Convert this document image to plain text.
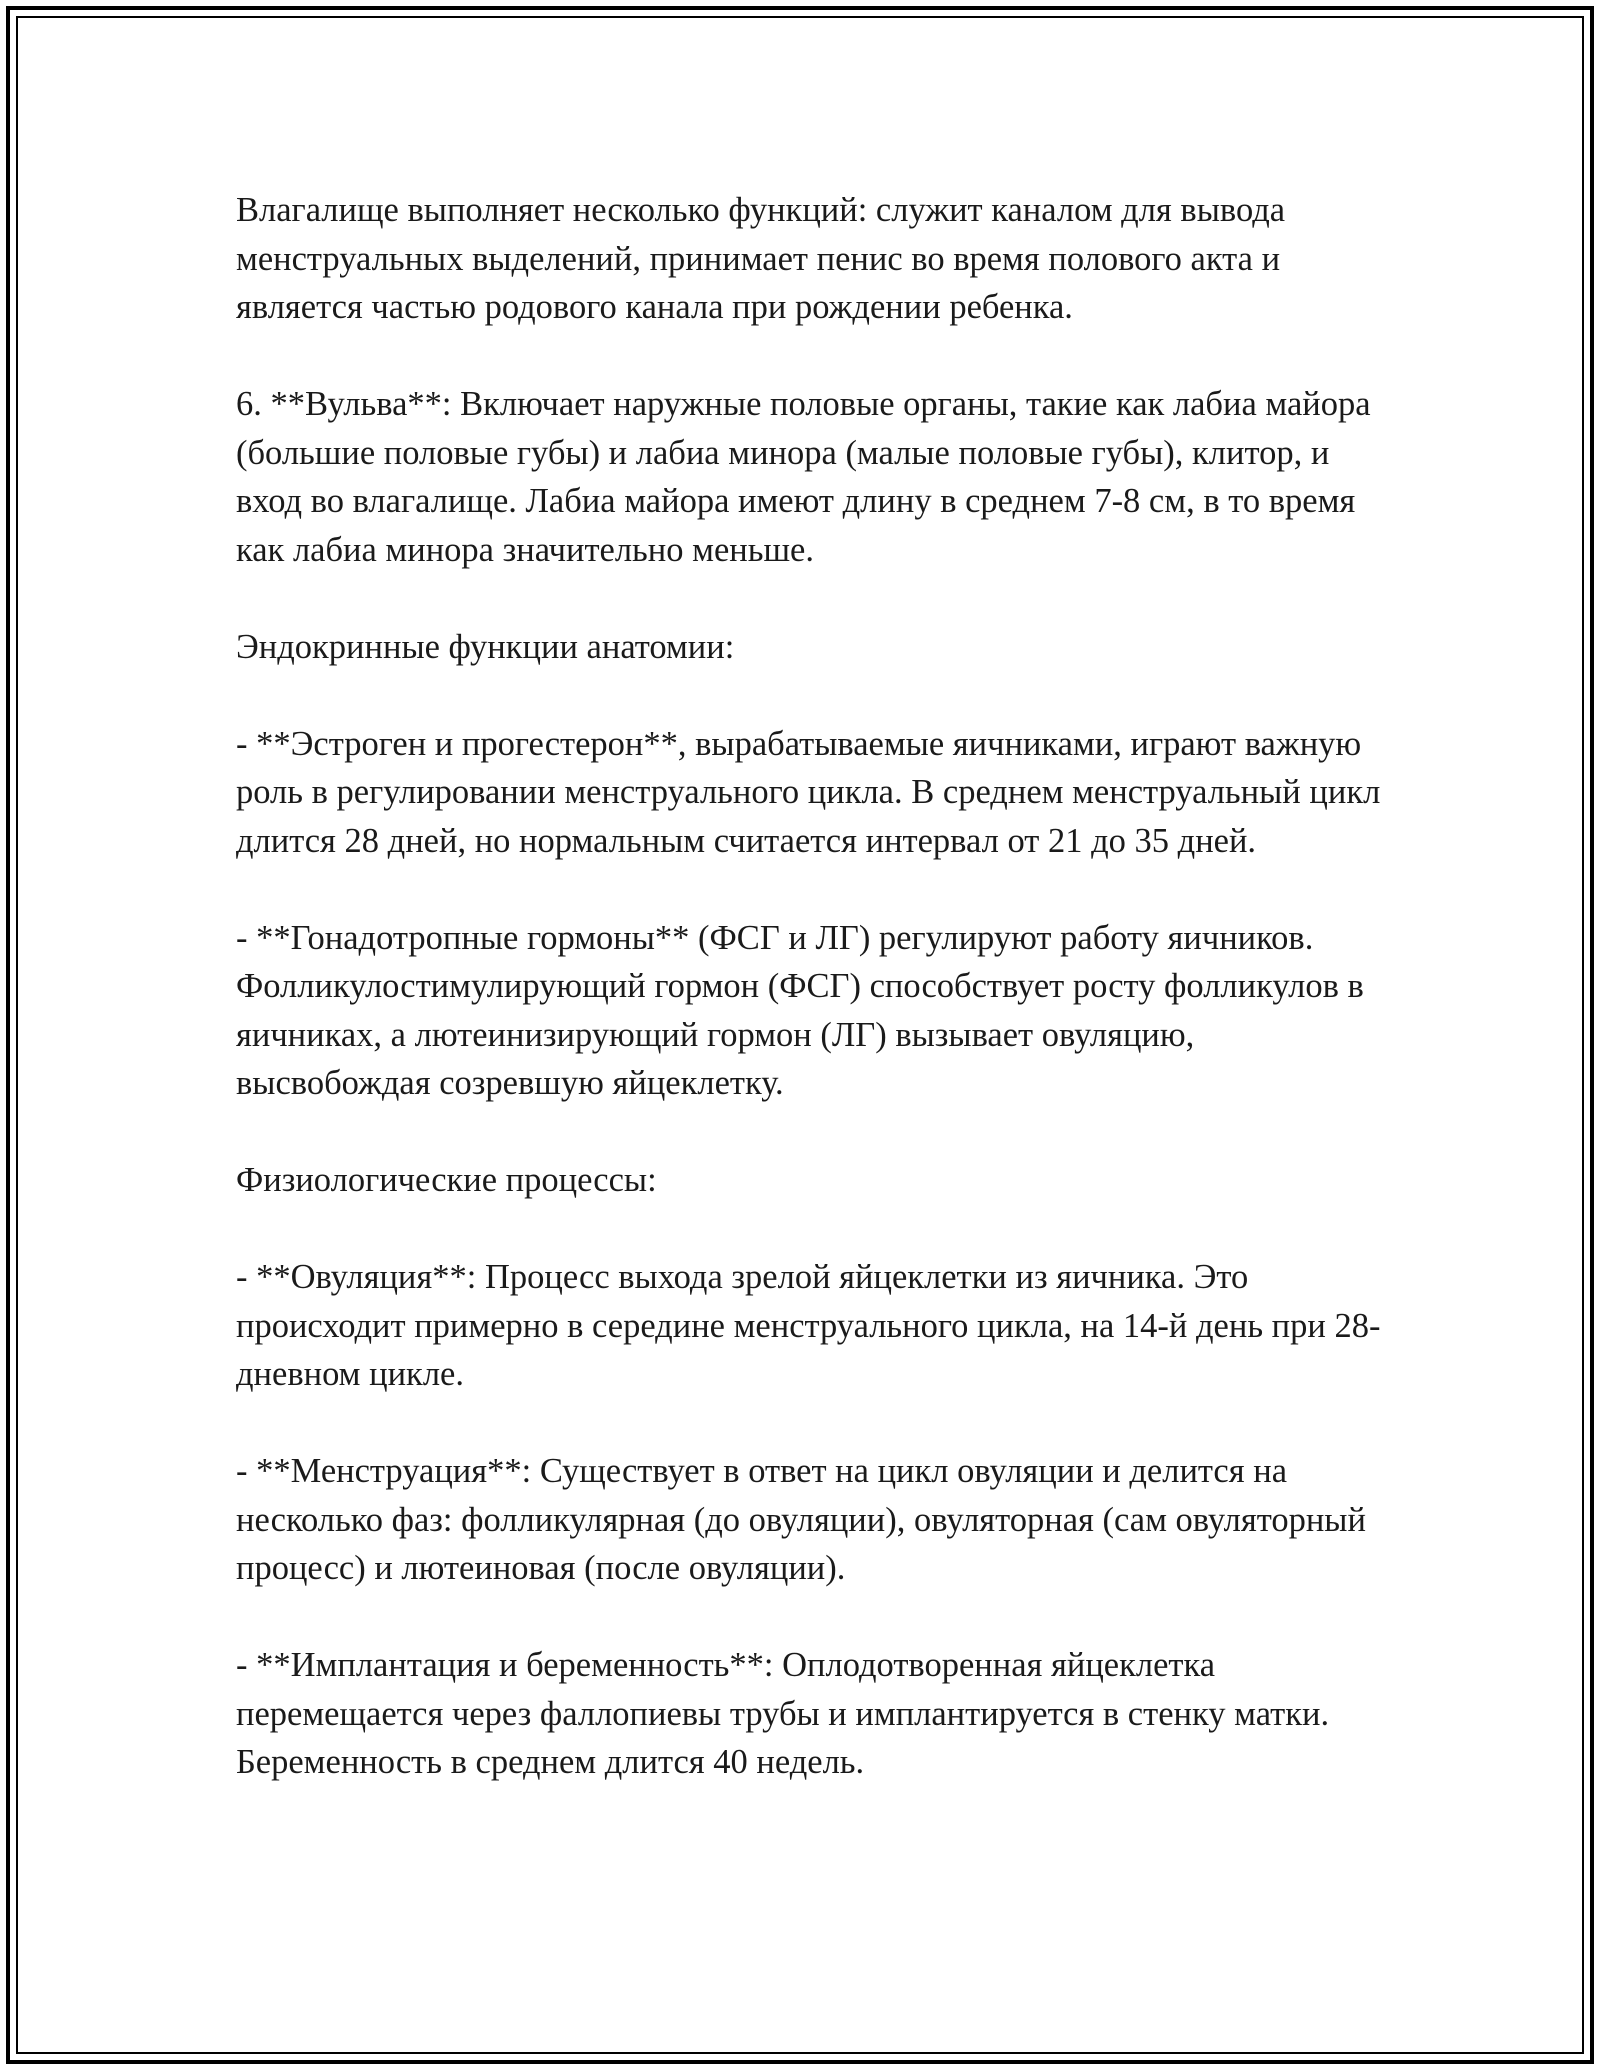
Влагалище выполняет несколько функций: служит каналом для вывода менструальных выделений, принимает пенис во время полового акта и является частью родового канала при рождении ребенка.

6. **Вульва**: Включает наружные половые органы, такие как лабиа майора (большие половые губы) и лабиа минора (малые половые губы), клитор, и вход во влагалище. Лабиа майора имеют длину в среднем 7-8 см, в то время как лабиа минора значительно меньше.

Эндокринные функции анатомии:

- **Эстроген и прогестерон**, вырабатываемые яичниками, играют важную роль в регулировании менструального цикла. В среднем менструальный цикл длится 28 дней, но нормальным считается интервал от 21 до 35 дней.

- **Гонадотропные гормоны** (ФСГ и ЛГ) регулируют работу яичников. Фолликулостимулирующий гормон (ФСГ) способствует росту фолликулов в яичниках, а лютеинизирующий гормон (ЛГ) вызывает овуляцию, высвобождая созревшую яйцеклетку.

Физиологические процессы:

- **Овуляция**: Процесс выхода зрелой яйцеклетки из яичника. Это происходит примерно в середине менструального цикла, на 14-й день при 28-дневном цикле.

- **Менструация**: Существует в ответ на цикл овуляции и делится на несколько фаз: фолликулярная (до овуляции), овуляторная (сам овуляторный процесс) и лютеиновая (после овуляции).

- **Имплантация и беременность**: Оплодотворенная яйцеклетка перемещается через фаллопиевы трубы и имплантируется в стенку матки. Беременность в среднем длится 40 недель.
